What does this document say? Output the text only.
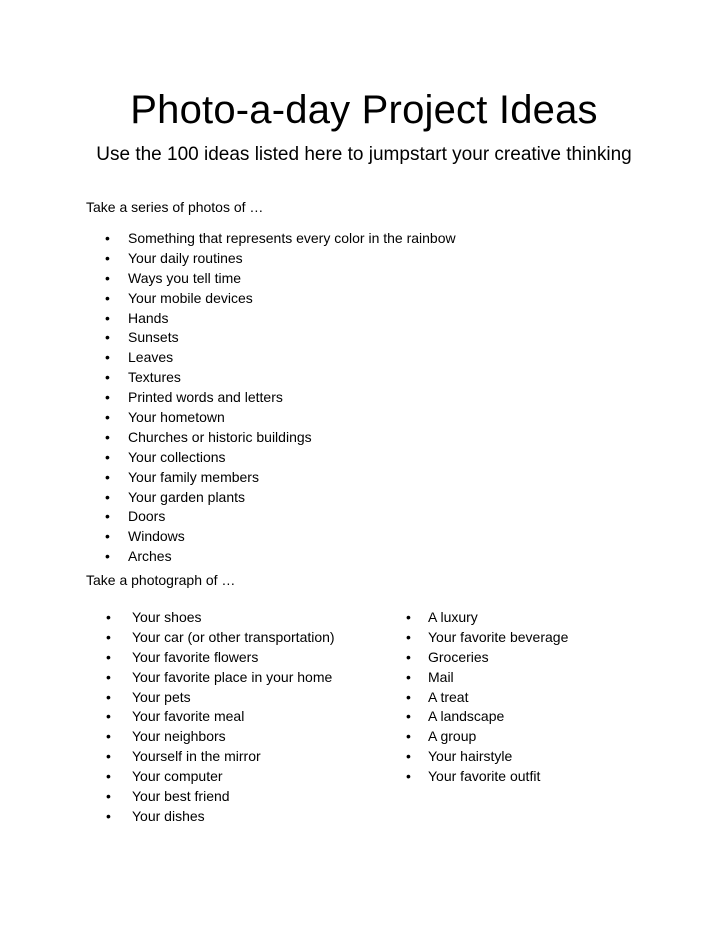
Photo-a-day Project Ideas
Use the 100 ideas listed here to jumpstart your creative thinking
Take a series of photos of …
• Something that represents every color in the rainbow
• Your daily routines
• Ways you tell time
• Your mobile devices
• Hands
• Sunsets
• Leaves
• Textures
• Printed words and letters
• Your hometown
• Churches or historic buildings
• Your collections
• Your family members
• Your garden plants
• Doors
• Windows
• Arches
Take a photograph of …
• Your shoes
• Your car (or other transportation)
• Your favorite flowers
• Your favorite place in your home
• Your pets
• Your favorite meal
• Your neighbors
• Yourself in the mirror
• Your computer
• Your best friend
• Your dishes
• A luxury
• Your favorite beverage
• Groceries
• Mail
• A treat
• A landscape
• A group
• Your hairstyle
• Your favorite outfit
